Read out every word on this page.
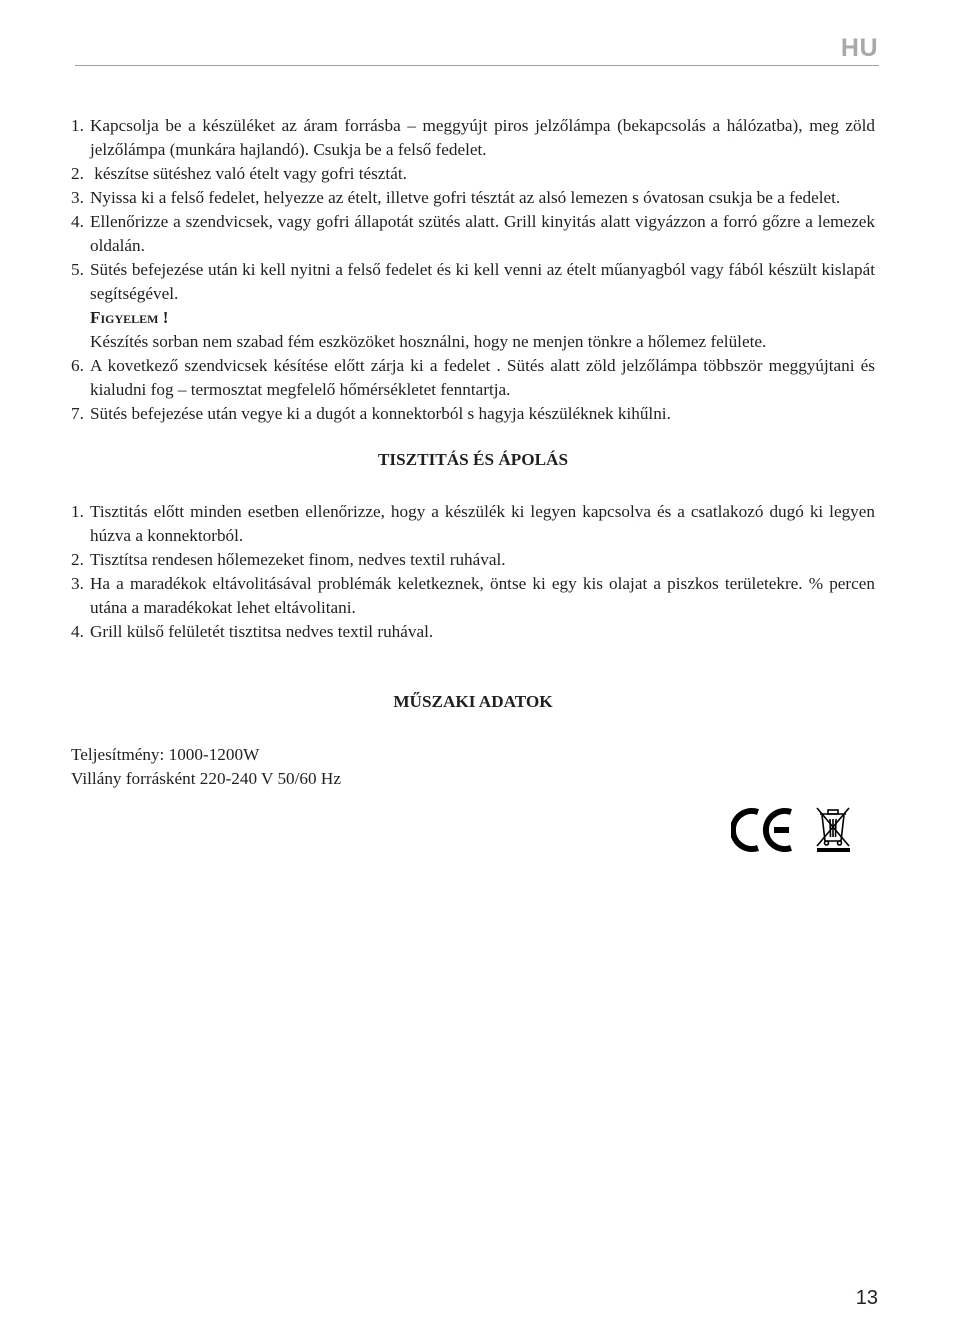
HU
1. Kapcsolja be a készüléket az áram forrásba – meggyújt piros jelzőlámpa (bekapcsolás a hálózatba), meg zöld jelzőlámpa (munkára hajlandó). Csukja be a felső fedelet.
2. készítse sütéshez való ételt vagy gofri tésztát.
3. Nyissa ki a felső fedelet, helyezze az ételt, illetve gofri tésztát az alsó lemezen s óvatosan csukja be a fedelet.
4. Ellenőrizze a szendvicsek, vagy gofri állapotát szütés alatt. Grill kinyitás alatt vigyázzon a forró gőzre a lemezek oldalán.
5. Sütés befejezése után ki kell nyitni a felső fedelet és ki kell venni az ételt műanyagból vagy fából készült kislapát segítségével.
Figyelem !
Készítés sorban nem szabad fém eszközöket hosználni, hogy ne menjen tönkre a hőlemez felülete.
6. A kovetkező szendvicsek késítése előtt zárja ki a fedelet . Sütés alatt zöld jelzőlámpa többször meggyújtani és kialudni fog – termosztat megfelelő hőmérsékletet fenntartja.
7. Sütés befejezése után vegye ki a dugót a konnektorból s hagyja készüléknek kihűlni.
TISZTITÁS ÉS ÁPOLÁS
1. Tisztitás előtt minden esetben ellenőrizze, hogy a készülék ki legyen kapcsolva és a csatlakozó dugó ki legyen húzva a konnektorból.
2. Tisztítsa rendesen hőlemezeket finom, nedves textil ruhával.
3. Ha a maradékok eltávolitásával problémák keletkeznek, öntse ki egy kis olajat a piszkos területekre. % percen utána a maradékokat lehet eltávolitani.
4. Grill külső felületét tisztitsa nedves textil ruhával.
MŰSZAKI ADATOK

Teljesítmény: 1000-1200W

Villány forrásként 220-240 V 50/60 Hz

13
